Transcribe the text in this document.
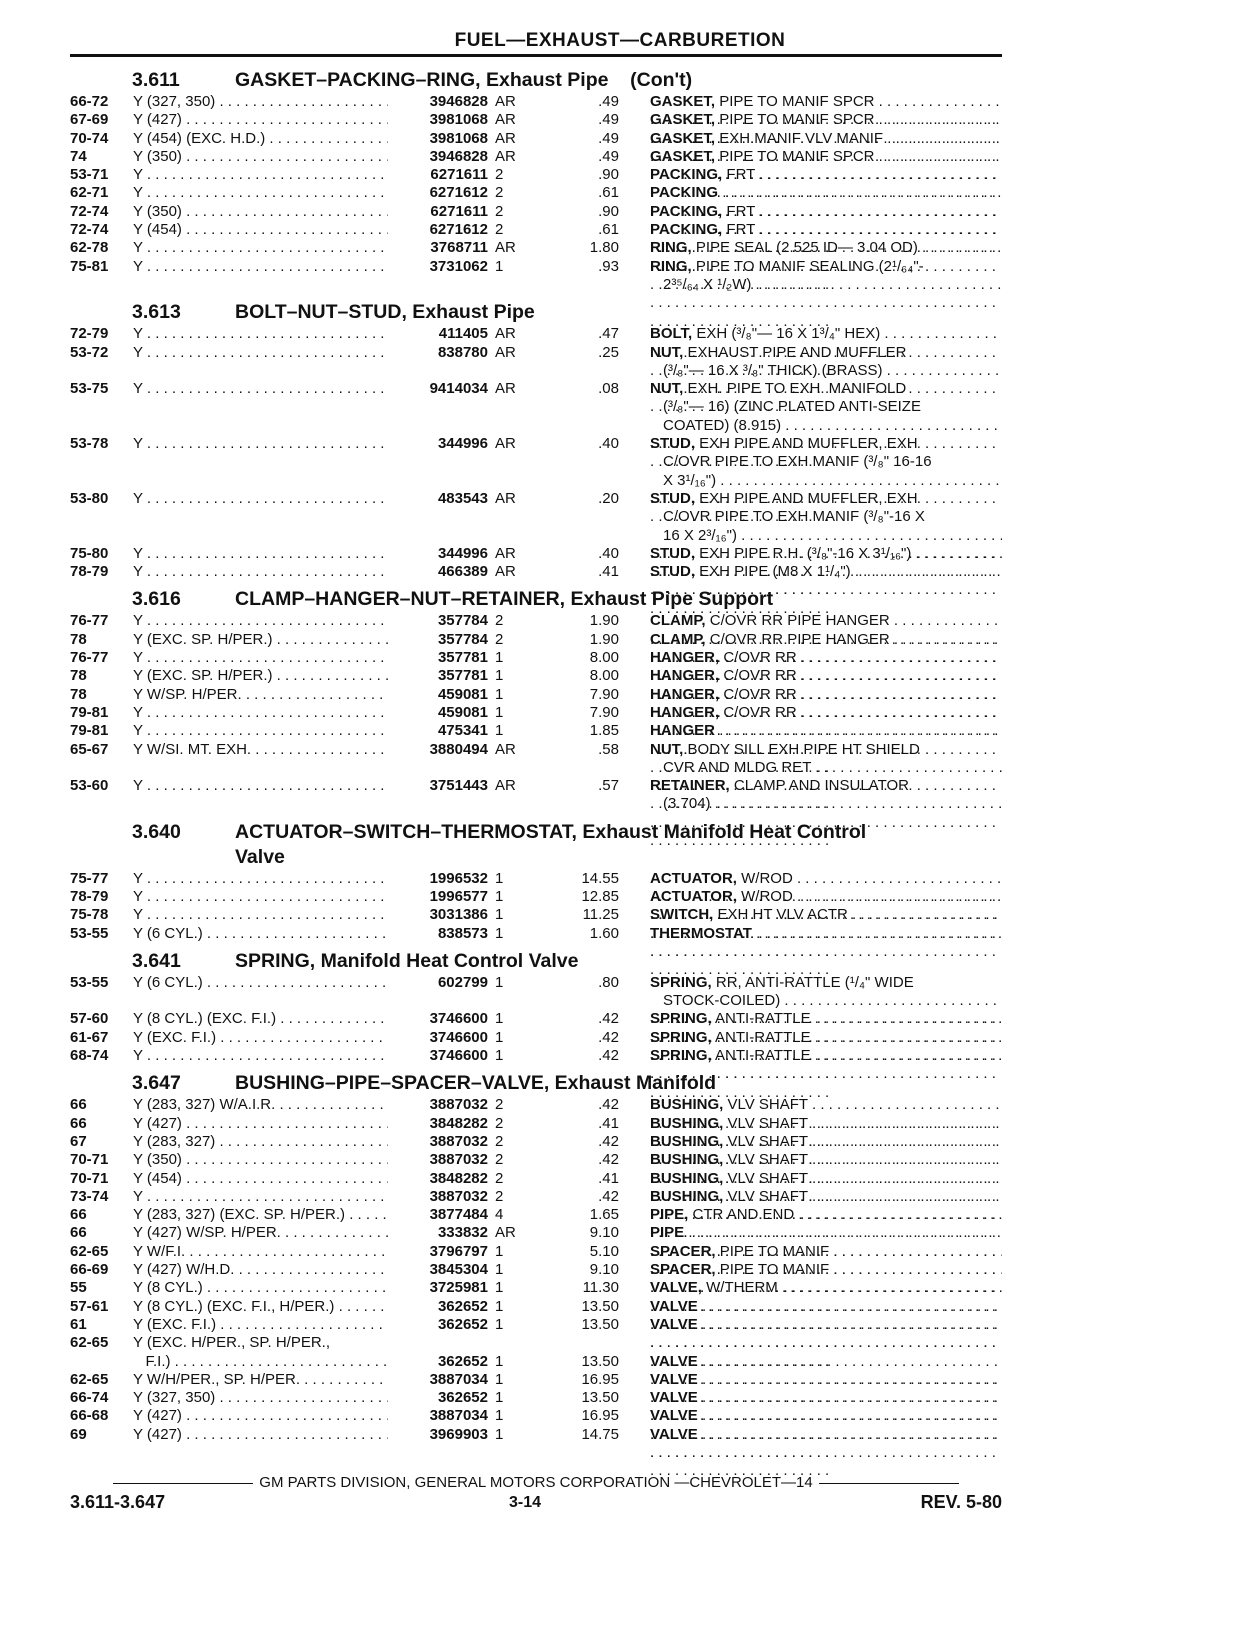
FUEL—EXHAUST—CARBURETION
3.611	GASKET–PACKING–RING, Exhaust Pipe    (Con't)
66-72 Y (327, 350) . . .	3946828 AR	.49 GASKET, PIPE TO MANIF SPCR . . .
. . .
67-69 Y (427) . . .	3981068 AR	.49 GASKET, PIPE TO MANIF SPCR . . .
. . .
70-74 Y (454) (EXC. H.D.) . . .	3981068 AR	.49 GASKET, EXH MANIF VLV MANIF . . .
. . .
74	Y (350) . . .	3946828 AR	.49 GASKET, PIPE TO MANIF SPCR . . .
. . .
53-71 Y . . .	6271611 2	.90 PACKING, FRT . . .
. . .
62-71 Y . . .	6271612 2	.61 PACKING . . .
. . .
72-74 Y (350) . . .	6271611 2	.90 PACKING, FRT . . .
. . .
72-74 Y (454) . . .	6271612 2	.61 PACKING, FRT . . .
. . .
62-78 Y . . .	3768711 AR	1.80 RING, PIPE SEAL (2.525 ID— 3.04 OD) . . .
. . .
75-81 Y . . .	3731062 1	.93 RING, PIPE TO MANIF SEALING (2¹/₆₄"-
2³⁵/₆₄ X ¹/₂W) . . .
. . .
3.613	BOLT–NUT–STUD, Exhaust Pipe
72-79 Y . . .	411405 AR	.47 BOLT, EXH (³/₈"— 16 X 1³/₄" HEX) . . .
. . .
53-72 Y . . .	838780 AR	.25 NUT, EXHAUST PIPE AND MUFFLER
(³/₈"— 16 X ³/₈" THICK) (BRASS) . . .
. . .
53-75 Y . . .	9414034 AR	.08 NUT, EXH. PIPE TO EXH. MANIFOLD
(³/₈"— 16) (ZINC PLATED ANTI-SEIZE
COATED) (8.915) . . .
. . .
53-78 Y . . .	344996 AR	.40 STUD, EXH PIPE AND MUFFLER, EXH
C/OVR PIPE TO EXH MANIF (³/₈" 16-16
X 3¹/₁₆") . . .
. . .
53-80 Y . . .	483543 AR	.20 STUD, EXH PIPE AND MUFFLER, EXH
C/OVR PIPE TO EXH MANIF (³/₈"-16 X
16 X 2³/₁₆") . . .
. . .
75-80 Y . . .	344996 AR	.40 STUD, EXH PIPE R.H. (³/₈"-16 X 3¹/₁₆") . . .
. . .
78-79 Y . . .	466389 AR	.41 STUD, EXH PIPE (M8 X 1¹/₄") . . .
. . .
3.616	CLAMP–HANGER–NUT–RETAINER, Exhaust Pipe Support
76-77 Y . . .	357784 2	1.90 CLAMP, C/OVR RR PIPE HANGER . . .
. . .
78	Y (EXC. SP. H/PER.) . . .	357784 2	1.90 CLAMP, C/OVR RR PIPE HANGER . . .
. . .
76-77 Y . . .	357781 1	8.00 HANGER, C/OVR RR . . .
. . .
78	Y (EXC. SP. H/PER.) . . .	357781 1	8.00 HANGER, C/OVR RR . . .
. . .
78	Y W/SP. H/PER. . . .	459081 1	7.90 HANGER, C/OVR RR . . .
. . .
79-81 Y . . .	459081 1	7.90 HANGER, C/OVR RR . . .
. . .
79-81 Y . . .	475341 1	1.85 HANGER . . .
. . .
65-67 Y W/SI. MT. EXH. . . .	3880494 AR	.58 NUT, BODY SILL EXH PIPE HT SHIELD
CVR AND MLDG RET . . .
. . .
53-60 Y . . .	3751443 AR	.57 RETAINER, CLAMP AND INSULATOR
(3.704) . . .
. . .
3.640	ACTUATOR–SWITCH–THERMOSTAT, Exhaust Manifold Heat Control
Valve
75-77 Y . . .	1996532 1	14.55 ACTUATOR, W/ROD . . .
. . .
78-79 Y . . .	1996577 1	12.85 ACTUATOR, W/ROD . . .
. . .
75-78 Y . . .	3031386 1	11.25 SWITCH, EXH HT VLV ACTR . . .
. . .
53-55 Y (6 CYL.) . . .	838573 1	1.60 THERMOSTAT . . .
. . .
3.641	SPRING, Manifold Heat Control Valve
53-55 Y (6 CYL.) . . .	602799 1	.80 SPRING, RR, ANTI-RATTLE (¹/₄" WIDE
STOCK-COILED) . . .
. . .
57-60 Y (8 CYL.) (EXC. F.I.) . . .	3746600 1	.42 SPRING, ANTI-RATTLE . . .
. . .
61-67 Y (EXC. F.I.) . . .	3746600 1	.42 SPRING, ANTI-RATTLE . . .
. . .
68-74 Y . . .	3746600 1	.42 SPRING, ANTI-RATTLE . . .
. . .
3.647	BUSHING–PIPE–SPACER–VALVE, Exhaust Manifold
66	Y (283, 327) W/A.I.R. . . .	3887032 2	.42 BUSHING, VLV SHAFT . . .
. . .
66	Y (427) . . .	3848282 2	.41 BUSHING, VLV SHAFT . . .
. . .
67	Y (283, 327) . . .	3887032 2	.42 BUSHING, VLV SHAFT . . .
. . .
70-71 Y (350) . . .	3887032 2	.42 BUSHING, VLV SHAFT . . .
. . .
70-71 Y (454) . . .	3848282 2	.41 BUSHING, VLV SHAFT . . .
. . .
73-74 Y . . .	3887032 2	.42 BUSHING, VLV SHAFT . . .
. . .
66	Y (283, 327) (EXC. SP. H/PER.) . . .	3877484 4	1.65 PIPE, CTR AND END . . .
. . .
66	Y (427) W/SP. H/PER. . . .	333832 AR	9.10 PIPE . . .
. . .
62-65 Y W/F.I. . . .	3796797 1	5.10 SPACER, PIPE TO MANIF . . .
. . .
66-69 Y (427) W/H.D. . . .	3845304 1	9.10 SPACER, PIPE TO MANIF . . .
. . .
55	Y (8 CYL.) . . .	3725981 1	11.30 VALVE, W/THERM . . .
. . .
57-61 Y (8 CYL.) (EXC. F.I., H/PER.) . . .	362652 1	13.50 VALVE . . .
. . .
61	Y (EXC. F.I.) . . .	362652 1	13.50 VALVE . . .
. . .
62-65 Y (EXC. H/PER., SP. H/PER.,
. . .
F.I.) . . .	362652 1	13.50 VALVE . . .
. . .
62-65 Y W/H/PER., SP. H/PER. . . .	3887034 1	16.95 VALVE . . .
. . .
66-74 Y (327, 350) . . .	362652 1	13.50 VALVE . . .
. . .
66-68 Y (427) . . .	3887034 1	16.95 VALVE . . .
. . .
69	Y (427) . . .	3969903 1	14.75 VALVE . . .
. . .
GM PARTS DIVISION, GENERAL MOTORS CORPORATION —CHEVROLET—14
3.611-3.647	3-14	REV. 5-80
